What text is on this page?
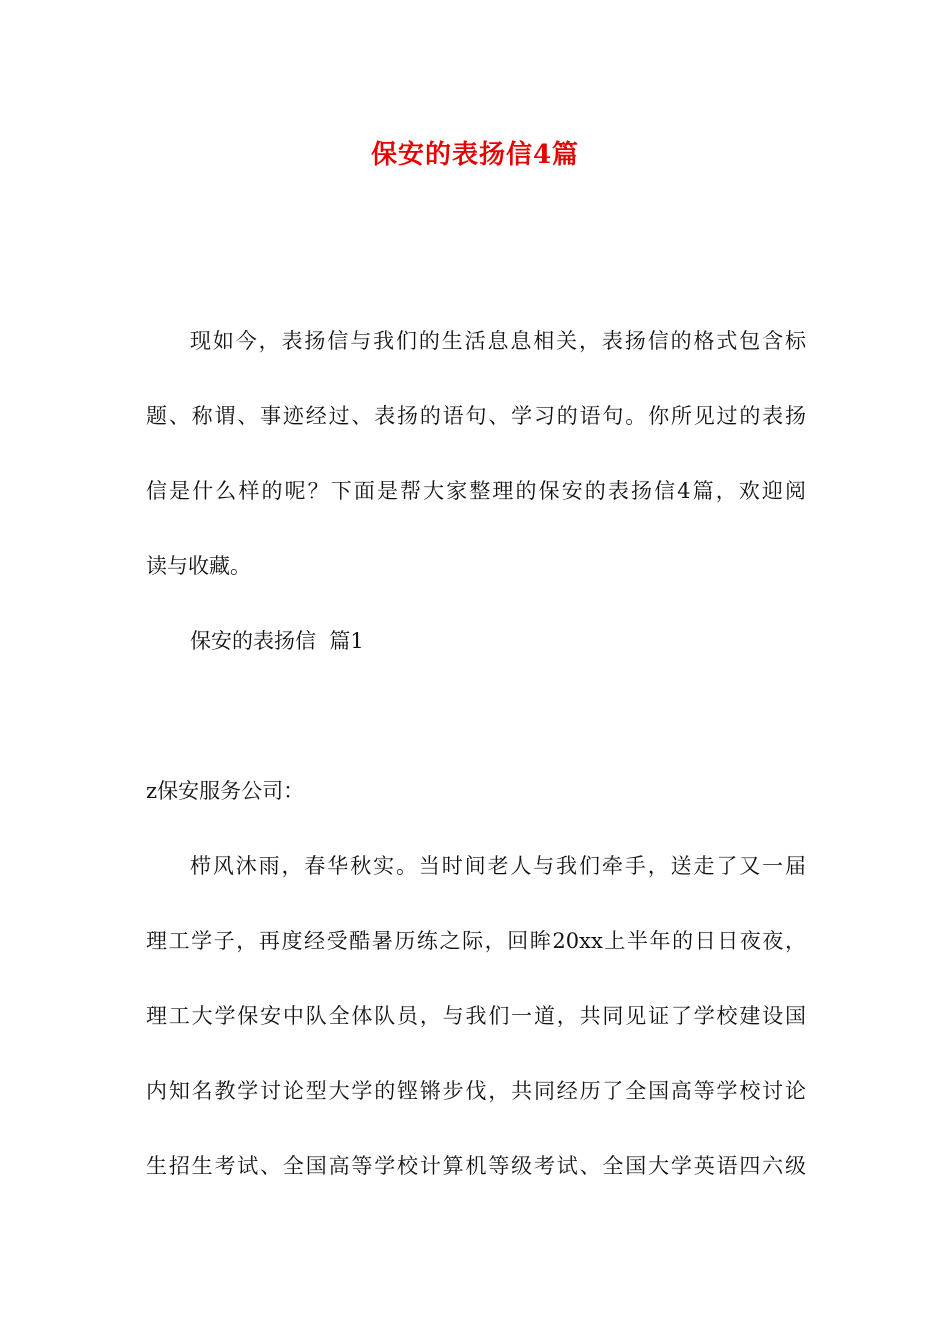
保安的表扬信4篇
现如今，表扬信与我们的生活息息相关，表扬信的格式包含标
题、称谓、事迹经过、表扬的语句、学习的语句。你所见过的表扬
信是什么样的呢？下面是帮大家整理的保安的表扬信4篇，欢迎阅
读与收藏。
保安的表扬信  篇1
z保安服务公司：
栉风沐雨，春华秋实。当时间老人与我们牵手，送走了又一届
理工学子，再度经受酷暑历练之际，回眸20xx上半年的日日夜夜，
理工大学保安中队全体队员，与我们一道，共同见证了学校建设国
内知名教学讨论型大学的铿锵步伐，共同经历了全国高等学校讨论
生招生考试、全国高等学校计算机等级考试、全国大学英语四六级
